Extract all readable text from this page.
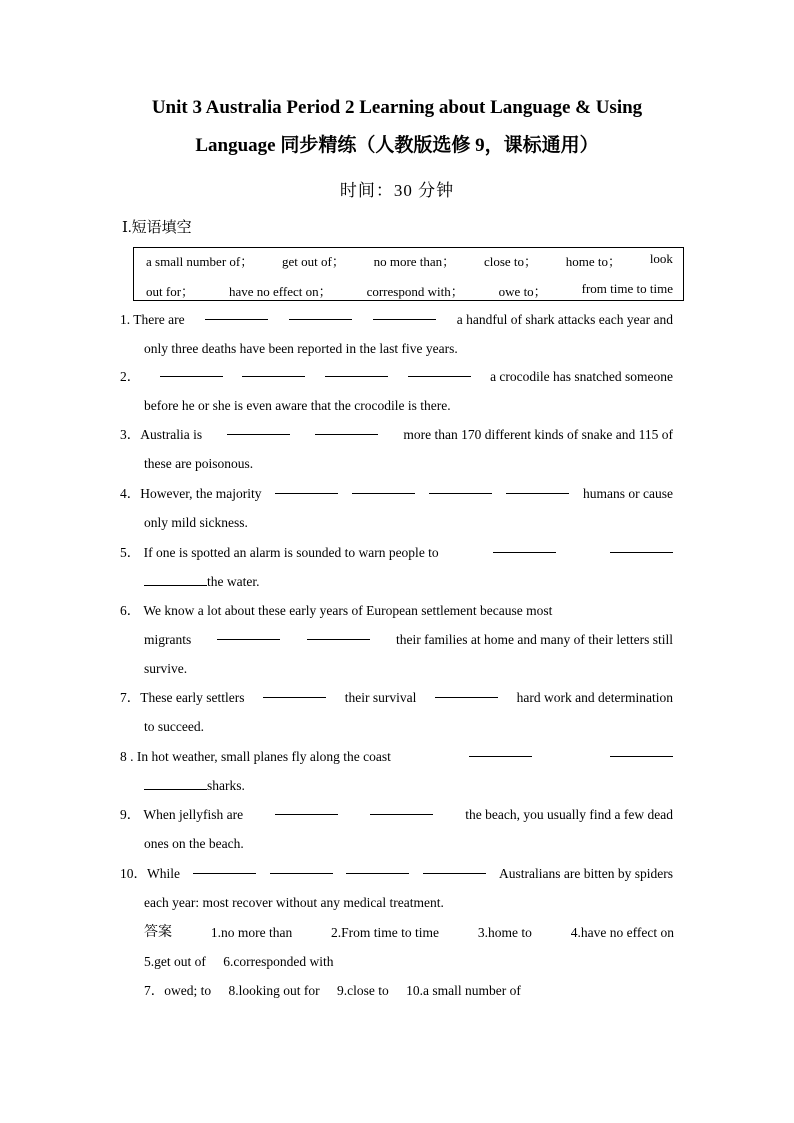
Unit 3 Australia Period 2 Learning about Language & Using
Language 同步精练（人教版选修 9，课标通用）
时间：30 分钟
Ⅰ.短语填空
a small number of； get out of； no more than； close to； home to； look
out for；	have no effect on；	correspond with；	owe to；	from time to time
1. There are	a handful of shark attacks each year and
only three deaths have been reported in the last five years.
2．	a crocodile has snatched someone
before he or she is even aware that the crocodile is there.
3．Australia is	more than 170 different kinds of snake and 115 of
these are poisonous.
4．However, the majority	humans or cause
only mild sickness.
5． If one is spotted an alarm is sounded to warn people to
the water.
6． We know a lot about these early years of European settlement because most
migrants	their families at home and many of their letters still
survive.
7．These early settlers	their survival	hard work and determination
to succeed.
8 . In hot weather, small planes fly along the coast
sharks.
9． When jellyfish are	the beach, you usually find a few dead
ones on the beach.
10．While	Australians are bitten by spiders
each year: most recover without any medical treatment.
答案	1.no more than	2.From time to time	3.home to	4.have no effect on
5.get out of 6.corresponded with
7．owed; to 8.looking out for 9.close to 10.a small number of
